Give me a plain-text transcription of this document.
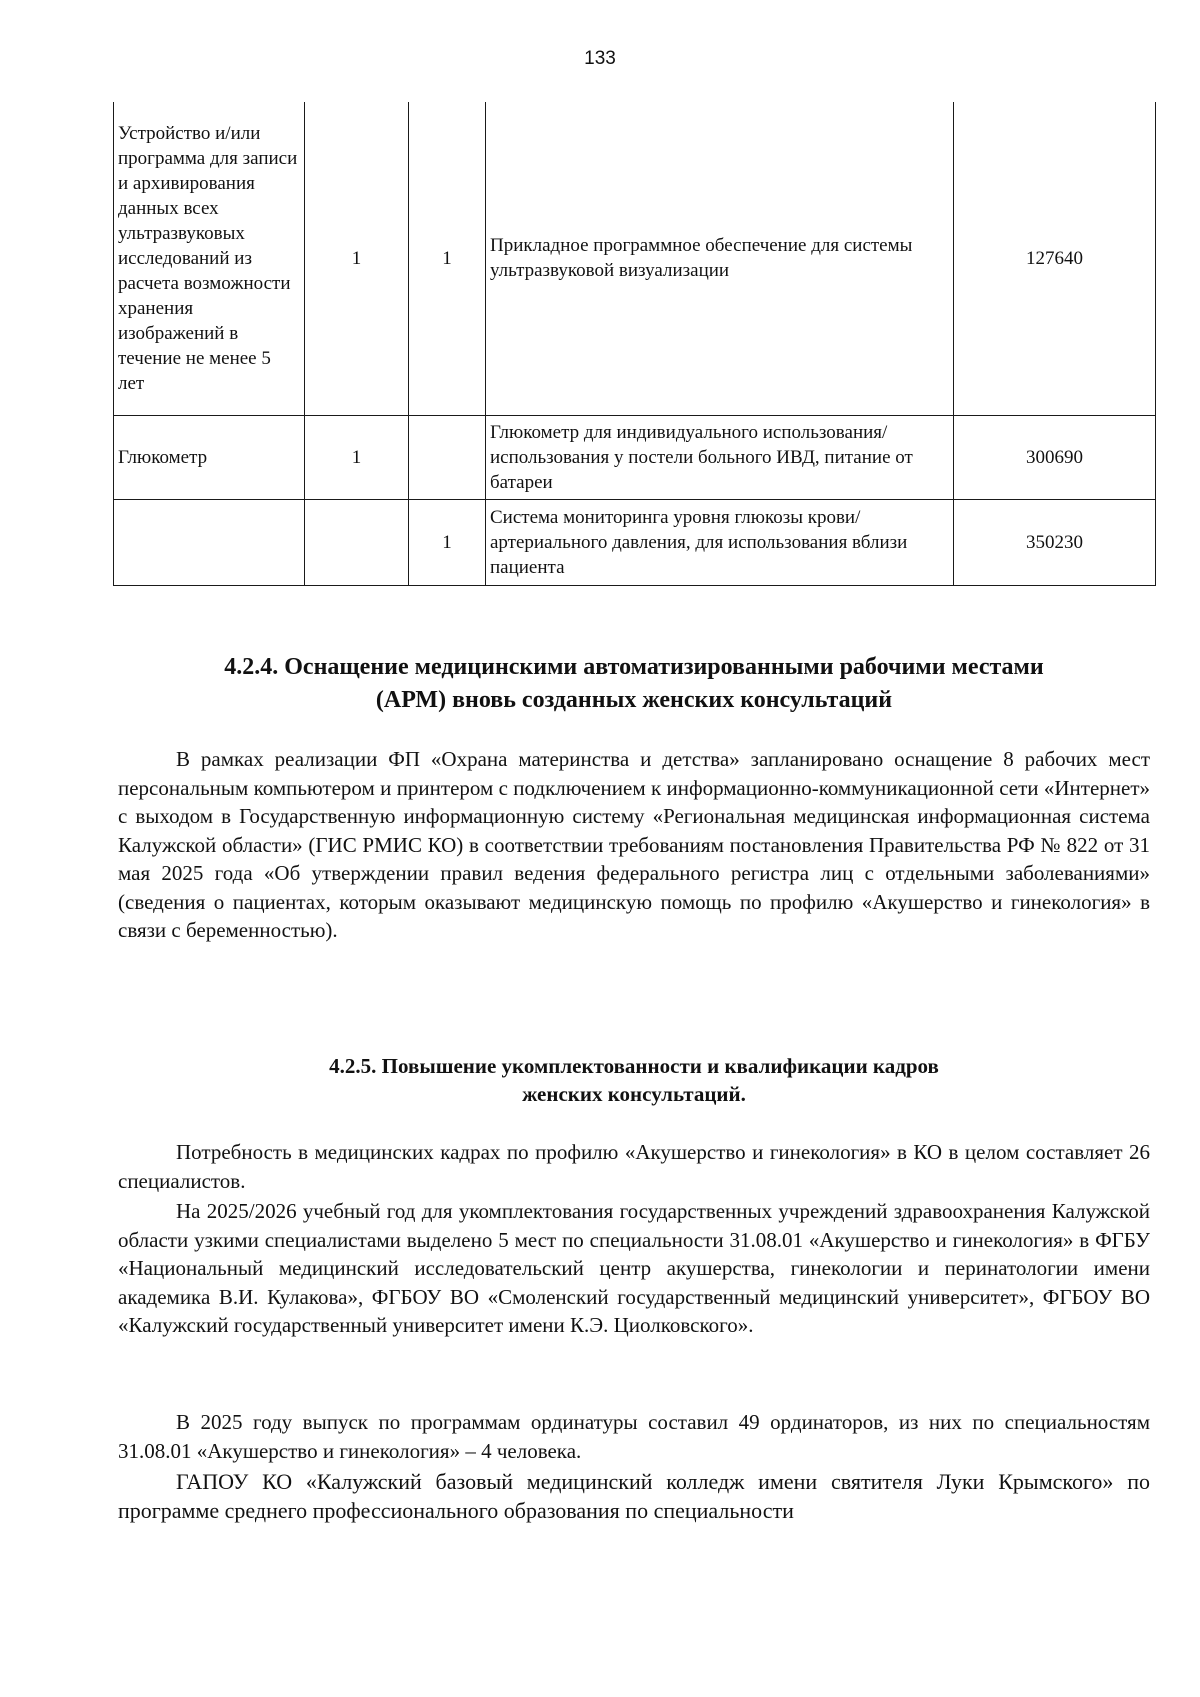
133
Устройство и/или программа для записи и архивирования данных всех ультразвуковых исследований из расчета возможности хранения изображений в течение не менее 5 лет	1	1	Прикладное программное обеспечение для системы ультразвуковой визуализации	127640
Глюкометр	1		Глюкометр для индивидуального использования/использования у постели больного ИВД, питание от батареи	300690
		1	Система мониторинга уровня глюкозы крови/артериального давления, для использования вблизи пациента	350230
4.2.4. Оснащение медицинскими автоматизированными рабочими местами
(АРМ) вновь созданных женских консультаций

В рамках реализации ФП «Охрана материнства и детства» запланировано оснащение 8 рабочих мест персональным компьютером и принтером с подключением к информационно-коммуникационной сети «Интернет» с выходом в Государственную информационную систему «Региональная медицинская информационная система Калужской области» (ГИС РМИС КО) в соответствии требованиям постановления Правительства РФ № 822 от 31 мая 2025 года «Об утверждении правил ведения федерального регистра лиц с отдельными заболеваниями» (сведения о пациентах, которым оказывают медицинскую помощь по профилю «Акушерство и гинекология» в связи с беременностью).

4.2.5. Повышение укомплектованности и квалификации кадров
женских консультаций.

Потребность в медицинских кадрах по профилю «Акушерство и гинекология» в КО в целом составляет 26 специалистов.

На 2025/2026 учебный год для укомплектования государственных учреждений здравоохранения Калужской области узкими специалистами выделено 5 мест по специальности 31.08.01 «Акушерство и гинекология» в ФГБУ «Национальный медицинский исследовательский центр акушерства, гинекологии и перинатологии имени академика В.И. Кулакова», ФГБОУ ВО «Смоленский государственный медицинский университет», ФГБОУ ВО «Калужский государственный университет имени К.Э. Циолковского».

В 2025 году выпуск по программам ординатуры составил 49 ординаторов, из них по специальностям 31.08.01 «Акушерство и гинекология» – 4 человека.

ГАПОУ КО «Калужский базовый медицинский колледж имени святителя Луки Крымского» по программе среднего профессионального образования по специальности
